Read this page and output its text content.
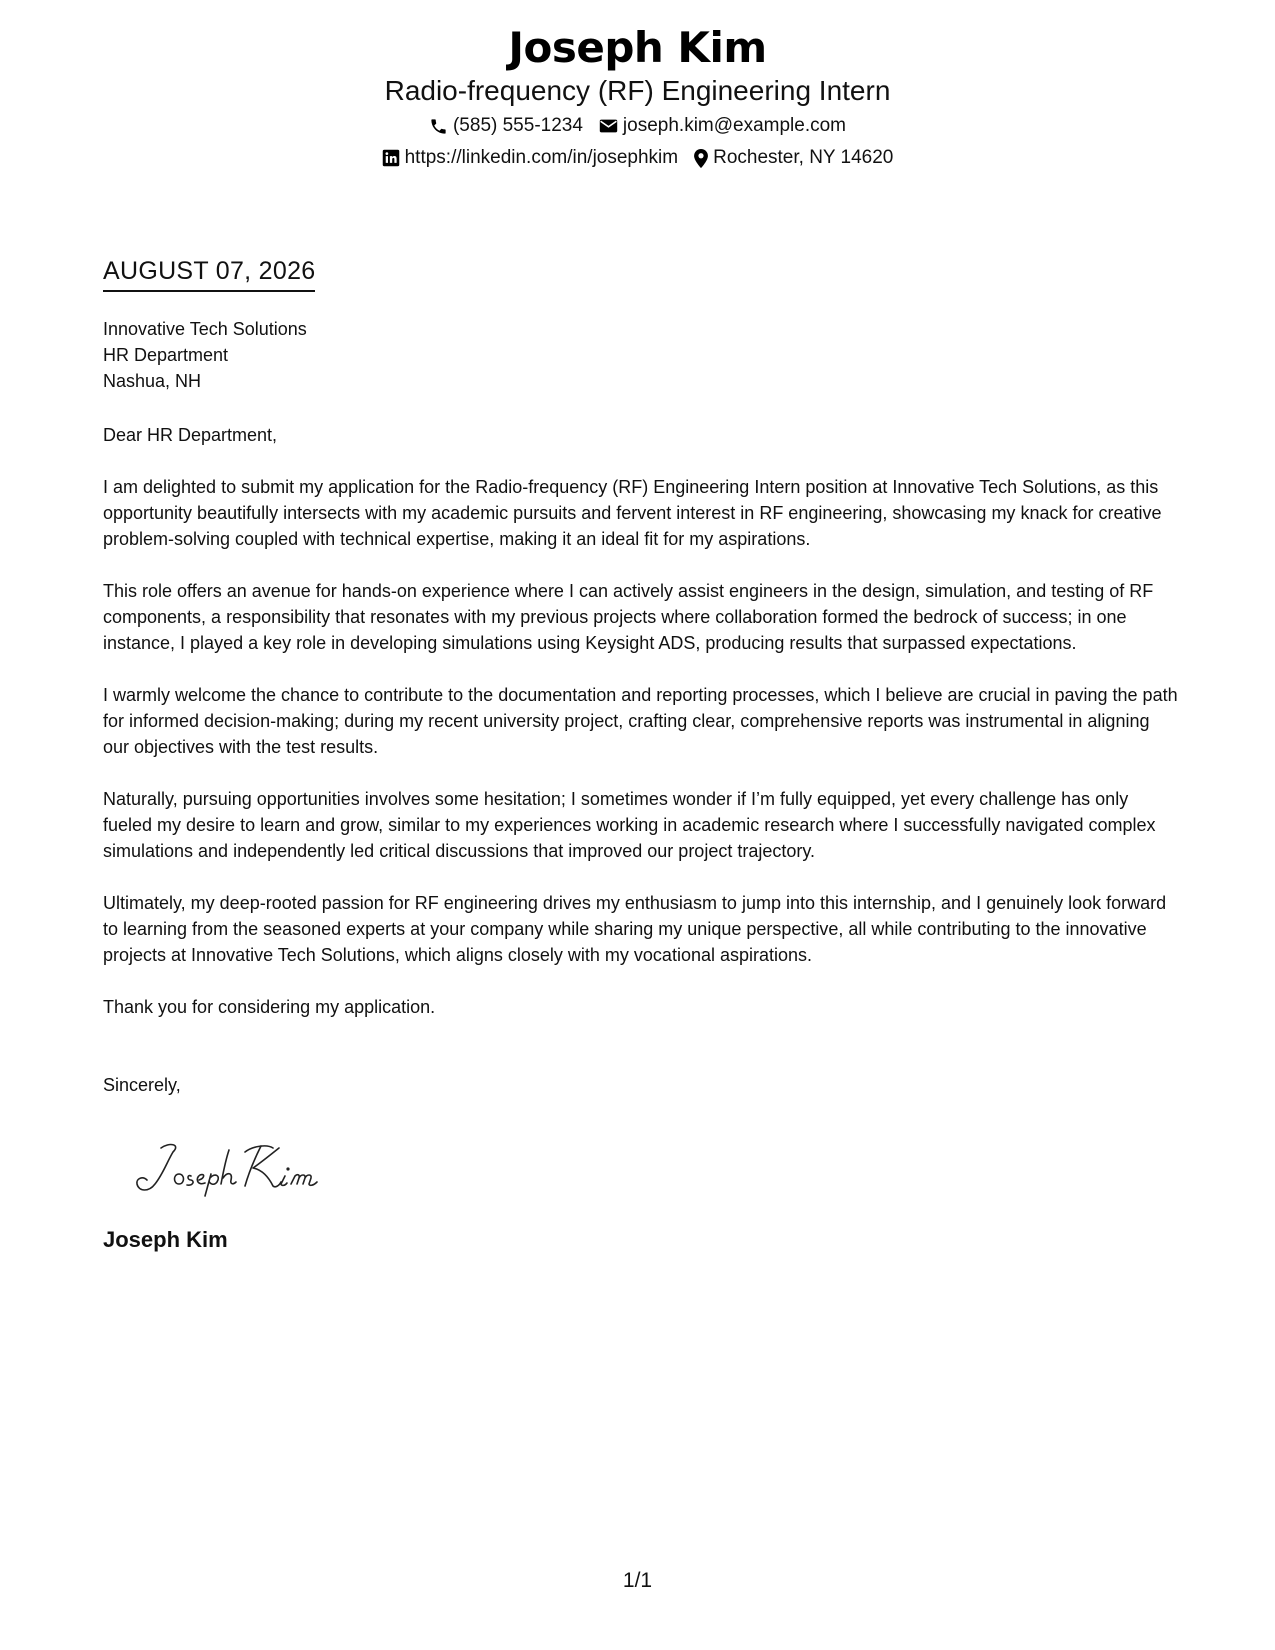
Joseph Kim
Radio-frequency (RF) Engineering Intern
(585) 555-1234 joseph.kim@example.com
https://linkedin.com/in/josephkim Rochester, NY 14620
AUGUST 07, 2026
Innovative Tech Solutions
HR Department
Nashua, NH
Dear HR Department,
I am delighted to submit my application for the Radio-frequency (RF) Engineering Intern position at Innovative Tech Solutions, as this opportunity beautifully intersects with my academic pursuits and fervent interest in RF engineering, showcasing my knack for creative problem-solving coupled with technical expertise, making it an ideal fit for my aspirations.
This role offers an avenue for hands-on experience where I can actively assist engineers in the design, simulation, and testing of RF components, a responsibility that resonates with my previous projects where collaboration formed the bedrock of success; in one instance, I played a key role in developing simulations using Keysight ADS, producing results that surpassed expectations.
I warmly welcome the chance to contribute to the documentation and reporting processes, which I believe are crucial in paving the path for informed decision-making; during my recent university project, crafting clear, comprehensive reports was instrumental in aligning our objectives with the test results.
Naturally, pursuing opportunities involves some hesitation; I sometimes wonder if I’m fully equipped, yet every challenge has only fueled my desire to learn and grow, similar to my experiences working in academic research where I successfully navigated complex simulations and independently led critical discussions that improved our project trajectory.
Ultimately, my deep-rooted passion for RF engineering drives my enthusiasm to jump into this internship, and I genuinely look forward to learning from the seasoned experts at your company while sharing my unique perspective, all while contributing to the innovative projects at Innovative Tech Solutions, which aligns closely with my vocational aspirations.
Thank you for considering my application.
Sincerely,
Joseph Kim
1/1
